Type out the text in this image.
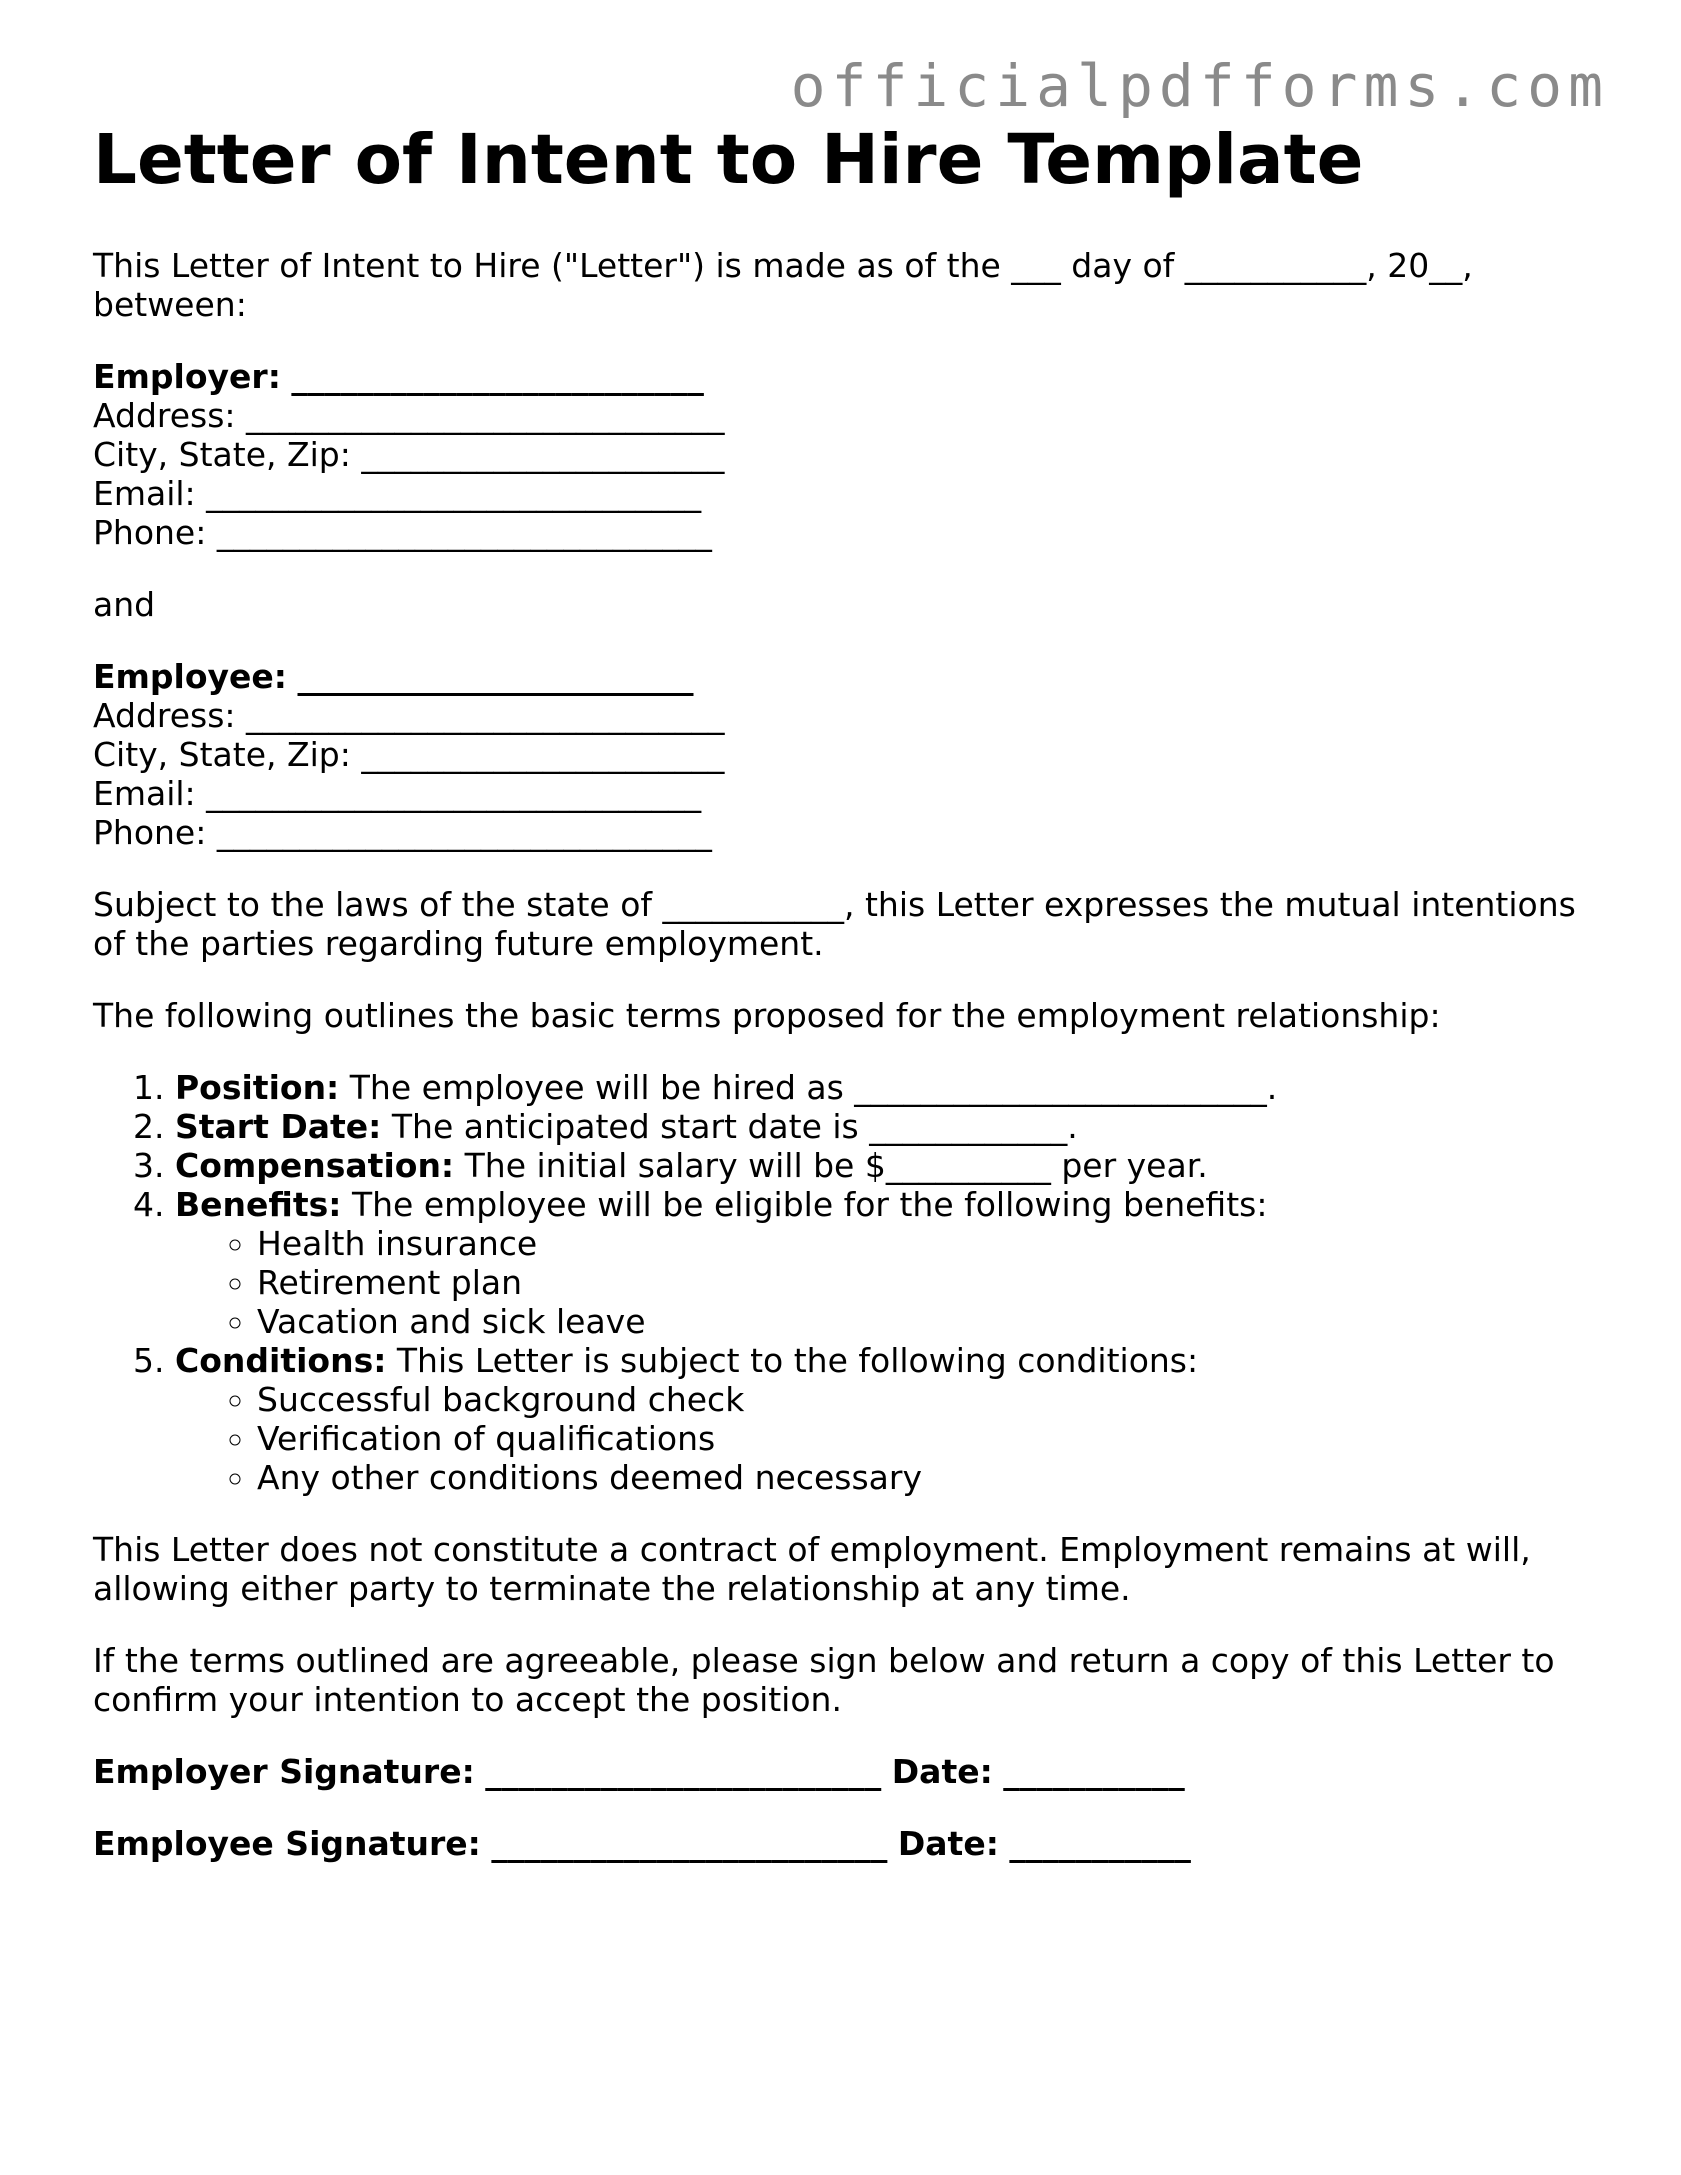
officialpdfforms.com
Letter of Intent to Hire Template

This Letter of Intent to Hire ("Letter") is made as of the ___ day of ___________, 20__, between:

Employer: _________________________
Address: _____________________________
City, State, Zip: ______________________
Email: ______________________________
Phone: ______________________________

and

Employee: ________________________
Address: _____________________________
City, State, Zip: ______________________
Email: ______________________________
Phone: ______________________________

Subject to the laws of the state of ___________, this Letter expresses the mutual intentions of the parties regarding future employment.

The following outlines the basic terms proposed for the employment relationship:

1. Position: The employee will be hired as _________________________.
2. Start Date: The anticipated start date is ____________.
3. Compensation: The initial salary will be $__________ per year.
4. Benefits: The employee will be eligible for the following benefits:
◦ Health insurance
◦ Retirement plan
◦ Vacation and sick leave
5. Conditions: This Letter is subject to the following conditions:
◦ Successful background check
◦ Verification of qualifications
◦ Any other conditions deemed necessary

This Letter does not constitute a contract of employment. Employment remains at will, allowing either party to terminate the relationship at any time.

If the terms outlined are agreeable, please sign below and return a copy of this Letter to confirm your intention to accept the position.

Employer Signature: ________________________ Date: ___________
Employee Signature: ________________________ Date: ___________
